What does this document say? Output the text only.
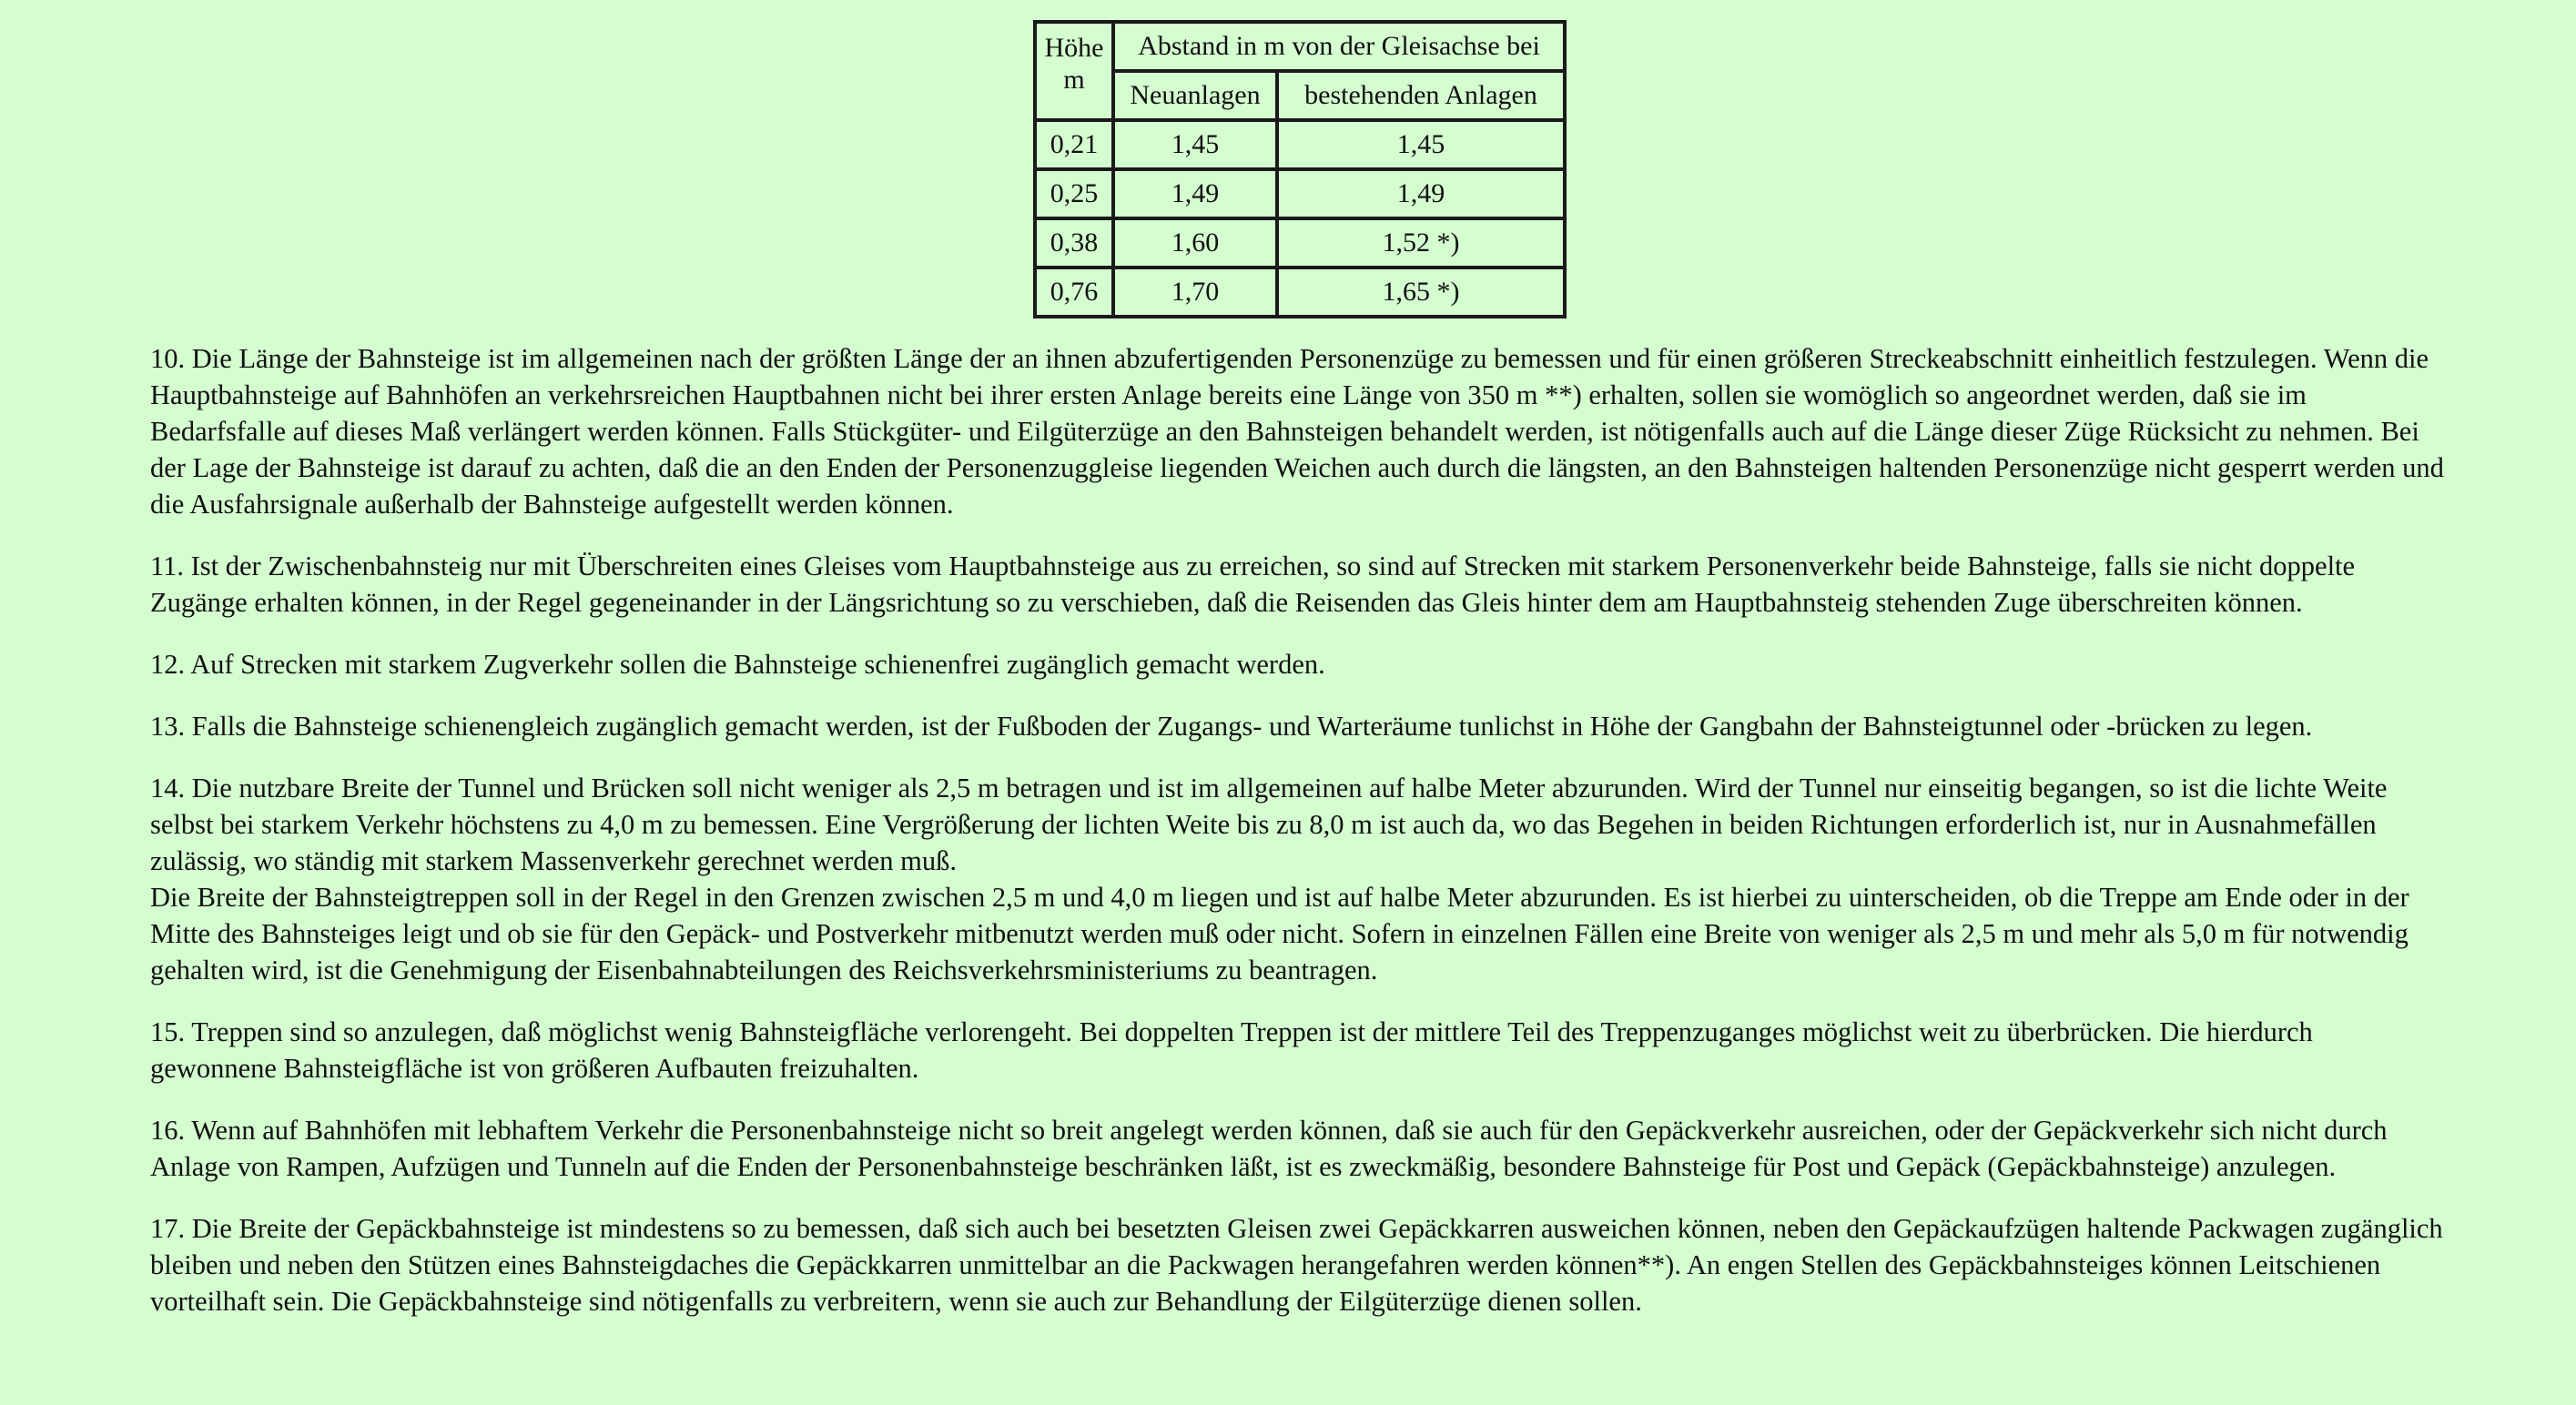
Höhe m	Abstand in m von der Gleisachse bei	
	Neuanlagen	bestehenden Anlagen
0,21	1,45	1,45
0,25	1,49	1,49
0,38	1,60	1,52 *)
0,76	1,70	1,65 *)

10. Die Länge der Bahnsteige ist im allgemeinen nach der größten Länge der an ihnen abzufertigenden Personenzüge zu bemessen und für einen größeren Streckeabschnitt einheitlich festzulegen. Wenn die Hauptbahnsteige auf Bahnhöfen an verkehrsreichen Hauptbahnen nicht bei ihrer ersten Anlage bereits eine Länge von 350 m **) erhalten, sollen sie womöglich so angeordnet werden, daß sie im Bedarfsfalle auf dieses Maß verlängert werden können. Falls Stückgüter- und Eilgüterzüge an den Bahnsteigen behandelt werden, ist nötigenfalls auch auf die Länge dieser Züge Rücksicht zu nehmen. Bei der Lage der Bahnsteige ist darauf zu achten, daß die an den Enden der Personenzuggleise liegenden Weichen auch durch die längsten, an den Bahnsteigen haltenden Personenzüge nicht gesperrt werden und die Ausfahrsignale außerhalb der Bahnsteige aufgestellt werden können.

11. Ist der Zwischenbahnsteig nur mit Überschreiten eines Gleises vom Hauptbahnsteige aus zu erreichen, so sind auf Strecken mit starkem Personenverkehr beide Bahnsteige, falls sie nicht doppelte Zugänge erhalten können, in der Regel gegeneinander in der Längsrichtung so zu verschieben, daß die Reisenden das Gleis hinter dem am Hauptbahnsteig stehenden Zuge überschreiten können.

12. Auf Strecken mit starkem Zugverkehr sollen die Bahnsteige schienenfrei zugänglich gemacht werden.

13. Falls die Bahnsteige schienengleich zugänglich gemacht werden, ist der Fußboden der Zugangs- und Warteräume tunlichst in Höhe der Gangbahn der Bahnsteigtunnel oder -brücken zu legen.

14. Die nutzbare Breite der Tunnel und Brücken soll nicht weniger als 2,5 m betragen und ist im allgemeinen auf halbe Meter abzurunden. Wird der Tunnel nur einseitig begangen, so ist die lichte Weite selbst bei starkem Verkehr höchstens zu 4,0 m zu bemessen. Eine Vergrößerung der lichten Weite bis zu 8,0 m ist auch da, wo das Begehen in beiden Richtungen erforderlich ist, nur in Ausnahmefällen zulässig, wo ständig mit starkem Massenverkehr gerechnet werden muß.

Die Breite der Bahnsteigtreppen soll in der Regel in den Grenzen zwischen 2,5 m und 4,0 m liegen und ist auf halbe Meter abzurunden. Es ist hierbei zu uinterscheiden, ob die Treppe am Ende oder in der Mitte des Bahnsteiges leigt und ob sie für den Gepäck- und Postverkehr mitbenutzt werden muß oder nicht. Sofern in einzelnen Fällen eine Breite von weniger als 2,5 m und mehr als 5,0 m für notwendig gehalten wird, ist die Genehmigung der Eisenbahnabteilungen des Reichsverkehrsministeriums zu beantragen.

15. Treppen sind so anzulegen, daß möglichst wenig Bahnsteigfläche verlorengeht. Bei doppelten Treppen ist der mittlere Teil des Treppenzuganges möglichst weit zu überbrücken. Die hierdurch gewonnene Bahnsteigfläche ist von größeren Aufbauten freizuhalten.

16. Wenn auf Bahnhöfen mit lebhaftem Verkehr die Personenbahnsteige nicht so breit angelegt werden können, daß sie auch für den Gepäckverkehr ausreichen, oder der Gepäckverkehr sich nicht durch Anlage von Rampen, Aufzügen und Tunneln auf die Enden der Personenbahnsteige beschränken läßt, ist es zweckmäßig, besondere Bahnsteige für Post und Gepäck (Gepäckbahnsteige) anzulegen.

17. Die Breite der Gepäckbahnsteige ist mindestens so zu bemessen, daß sich auch bei besetzten Gleisen zwei Gepäckkarren ausweichen können, neben den Gepäckaufzügen haltende Packwagen zugänglich bleiben und neben den Stützen eines Bahnsteigdaches die Gepäckkarren unmittelbar an die Packwagen herangefahren werden können**). An engen Stellen des Gepäckbahnsteiges können Leitschienen vorteilhaft sein. Die Gepäckbahnsteige sind nötigenfalls zu verbreitern, wenn sie auch zur Behandlung der Eilgüterzüge dienen sollen.
